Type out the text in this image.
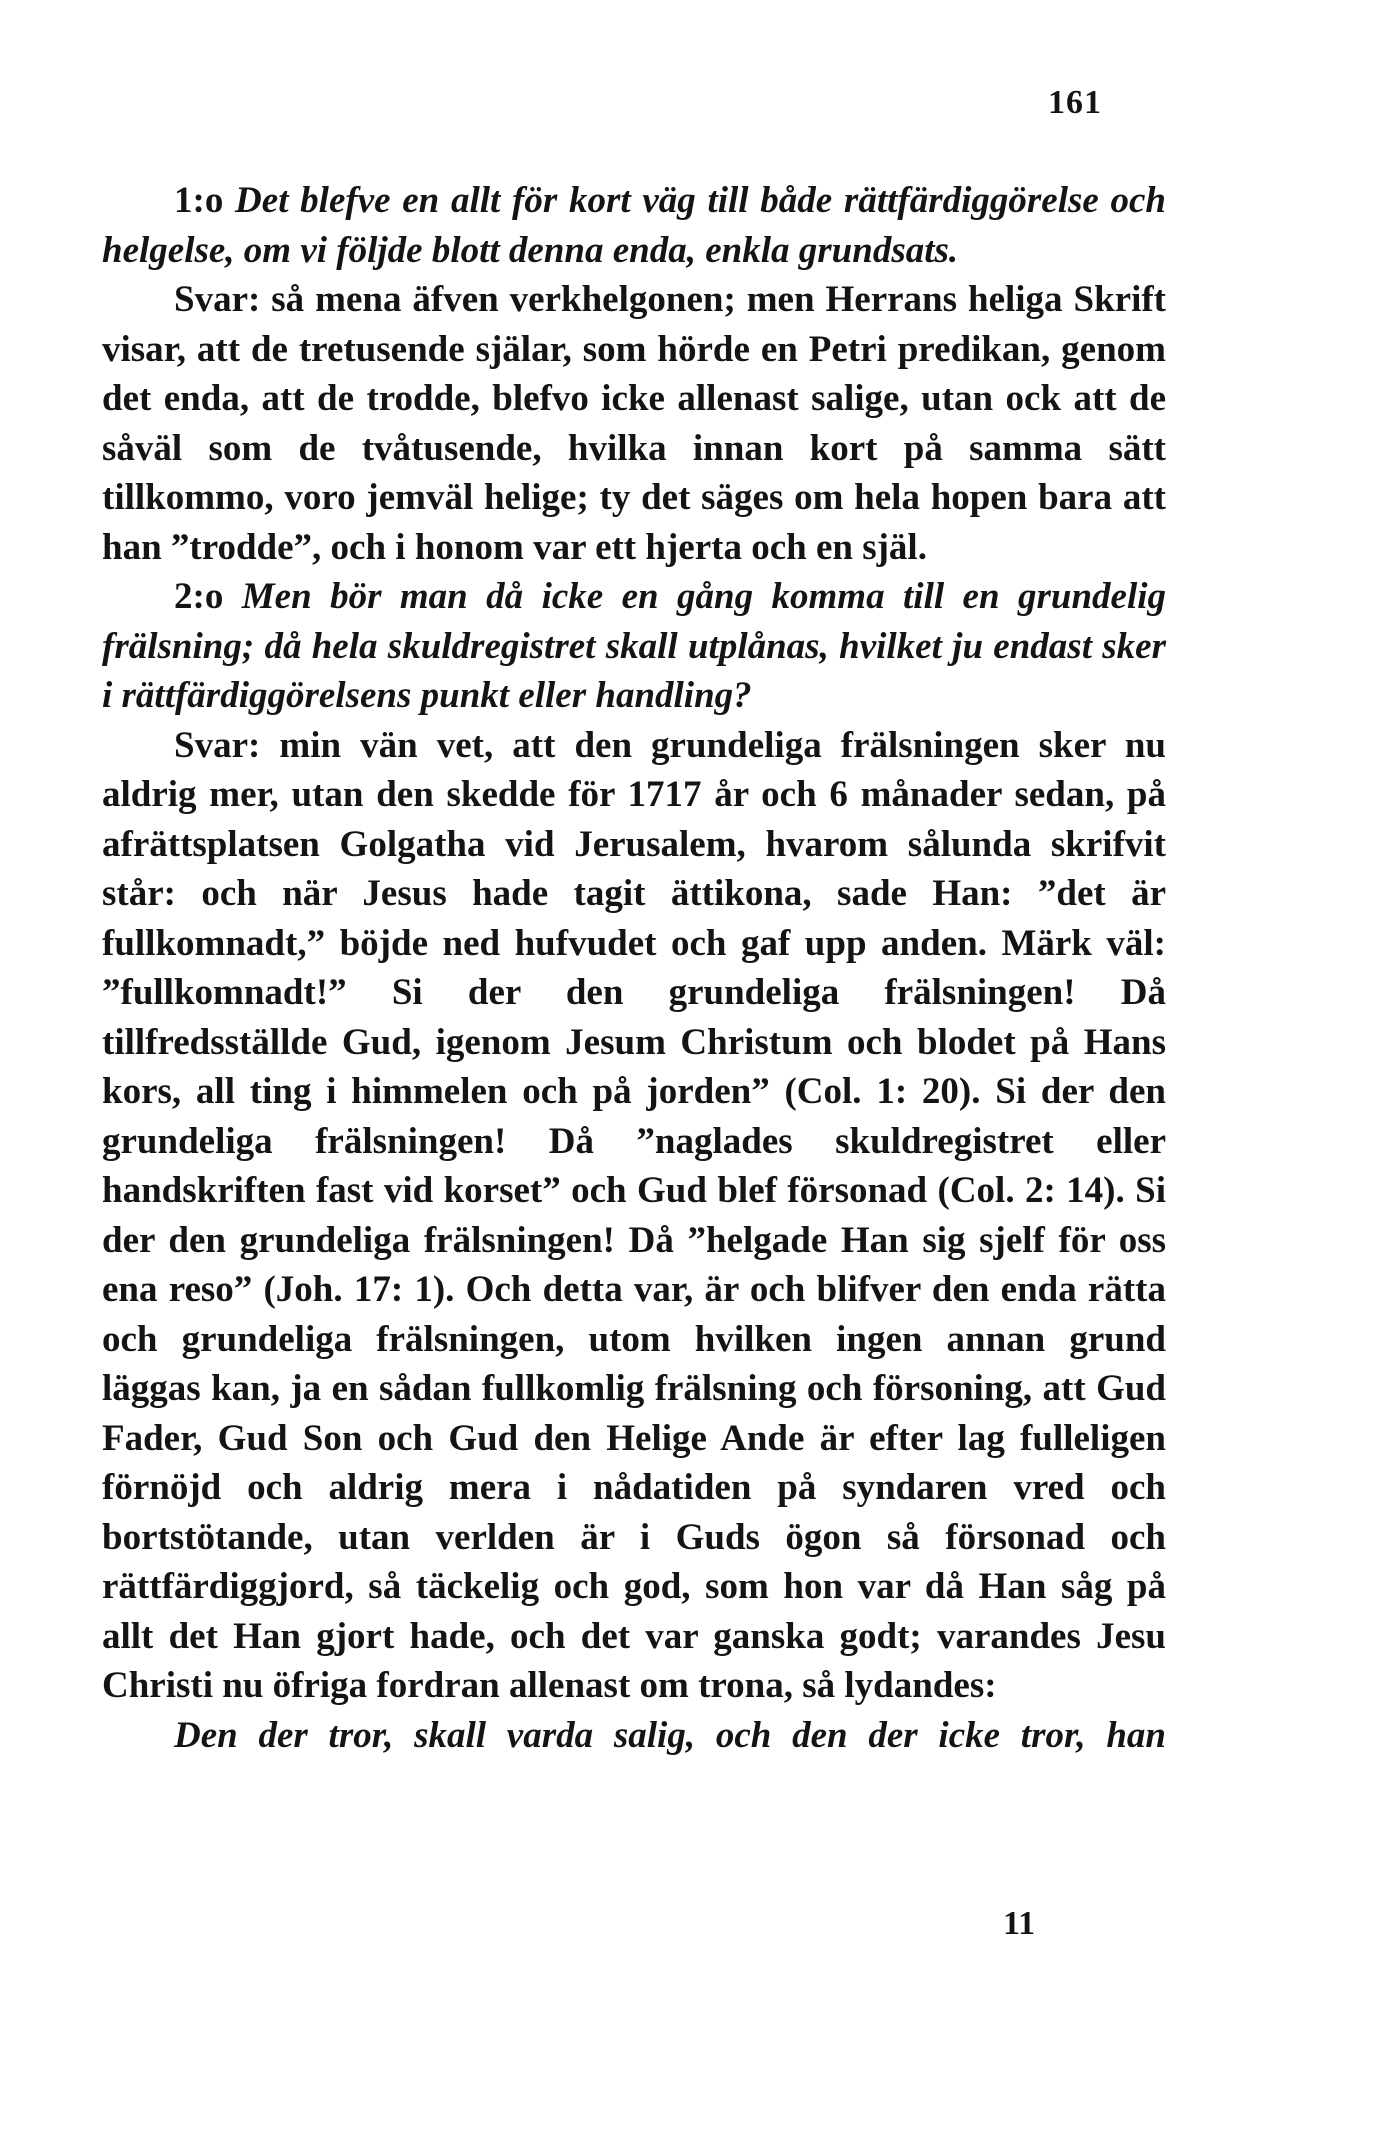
161

1:o Det blefve en allt för kort väg till både rättfärdiggörelse och helgelse, om vi följde blott denna enda, enkla grundsats.

Svar: så mena äfven verkhelgonen; men Herrans heliga Skrift visar, att de tretusende själar, som hörde en Petri predikan, genom det enda, att de trodde, blefvo icke allenast salige, utan ock att de såväl som de tvåtusende, hvilka innan kort på samma sätt tillkommo, voro jemväl helige; ty det säges om hela hopen bara att han ”trodde”, och i honom var ett hjerta och en själ.

2:o Men bör man då icke en gång komma till en grundelig frälsning; då hela skuldregistret skall utplånas, hvilket ju endast sker i rättfärdiggörelsens punkt eller handling?

Svar: min vän vet, att den grundeliga frälsningen sker nu aldrig mer, utan den skedde för 1717 år och 6 månader sedan, på afrättsplatsen Golgatha vid Jerusalem, hvarom sålunda skrifvit står: och när Jesus hade tagit ättikona, sade Han: ”det är fullkomnadt,” böjde ned hufvudet och gaf upp anden. Märk väl: ”fullkomnadt!” Si der den grundeliga frälsningen! Då tillfredsställde Gud, igenom Jesum Christum och blodet på Hans kors, all ting i himmelen och på jorden” (Col. 1: 20). Si der den grundeliga frälsningen! Då ”naglades skuldregistret eller handskriften fast vid korset” och Gud blef försonad (Col. 2: 14). Si der den grundeliga frälsningen! Då ”helgade Han sig sjelf för oss ena reso” (Joh. 17: 1). Och detta var, är och blifver den enda rätta och grundeliga frälsningen, utom hvilken ingen annan grund läggas kan, ja en sådan fullkomlig frälsning och försoning, att Gud Fader, Gud Son och Gud den Helige Ande är efter lag fulleligen förnöjd och aldrig mera i nådatiden på syndaren vred och bortstötande, utan verlden är i Guds ögon så försonad och rättfärdiggjord, så täckelig och god, som hon var då Han såg på allt det Han gjort hade, och det var ganska godt; varandes Jesu Christi nu öfriga fordran allenast om trona, så lydandes:

Den der tror, skall varda salig, och den der icke tror, han

11
